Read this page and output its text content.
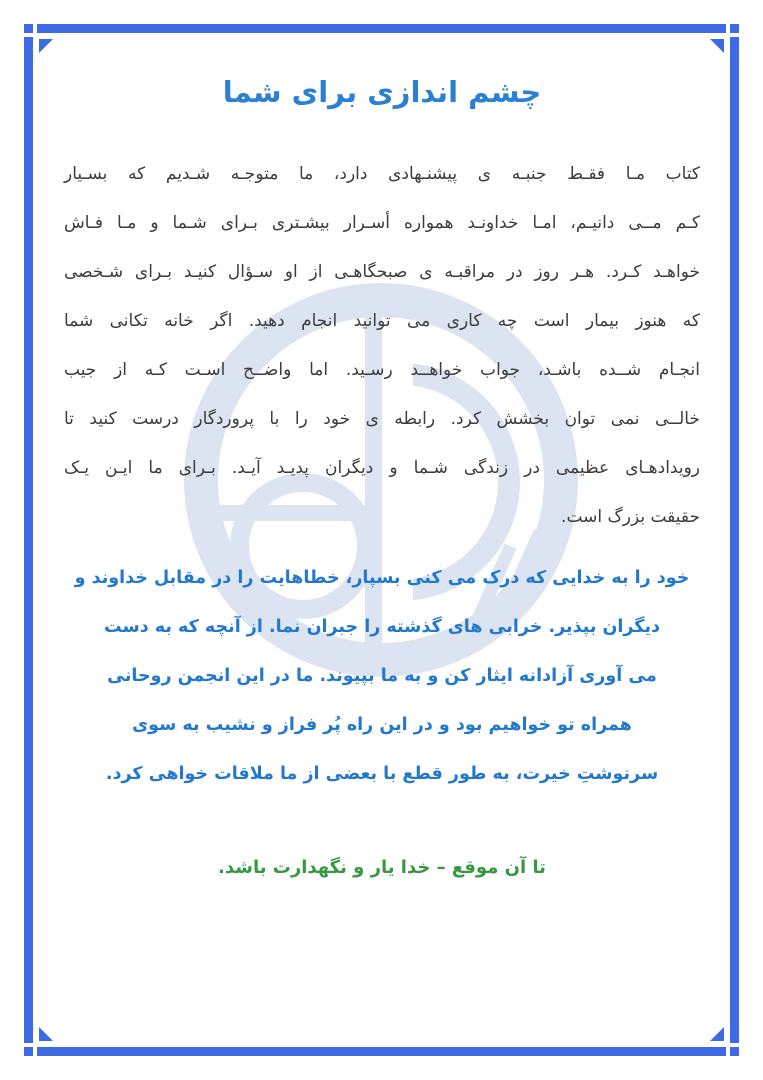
چشم اندازی برای شما
کتاب مـا فقـط جنبـه ی پیشنـهادی دارد، ما متوجـه شـدیم که بسـیار
کـم مــی دانیـم، امـا خداونـد همواره أسـرار بیشـتری بـرای شـما و مـا فـاش
خواهـد کـرد. هـر روز در مراقبـه ی صبحگاهـی از او سـؤال کنیـد بـرای شـخصی
که هنوز بیمار است چه کاری می توانید انجام دهید. اگر خانه تکانی شما
انجـام شــده باشـد، جواب خواهــد رسـید. اما واضــح اسـت کـه از جیب
خالــی نمی توان بخشش کرد. رابطه ی خود را با پروردگار درست کنید تا
رویدادهـای عظیمی در زندگی شـما و دیگران پدیـد آیـد. بـرای ما ایـن یـک
حقیقت بزرگ است.
خود را به خدایی که درک می کنی بسپار، خطاهایت را در مقابل خداوند و
دیگران بپذیر. خرابی های گذشته را جبران نما. از آنچه که به دست
می آوری آزادانه ایثار کن و به ما بپیوند. ما در این انجمن روحانی
همراه تو خواهیم بود و در این راه پُر فراز و نشیب به سوی
سرنوشتِ خیرت، به طور قطع با بعضی از ما ملاقات خواهی کرد.
تا آن موقع – خدا یار و نگهدارت باشد.
